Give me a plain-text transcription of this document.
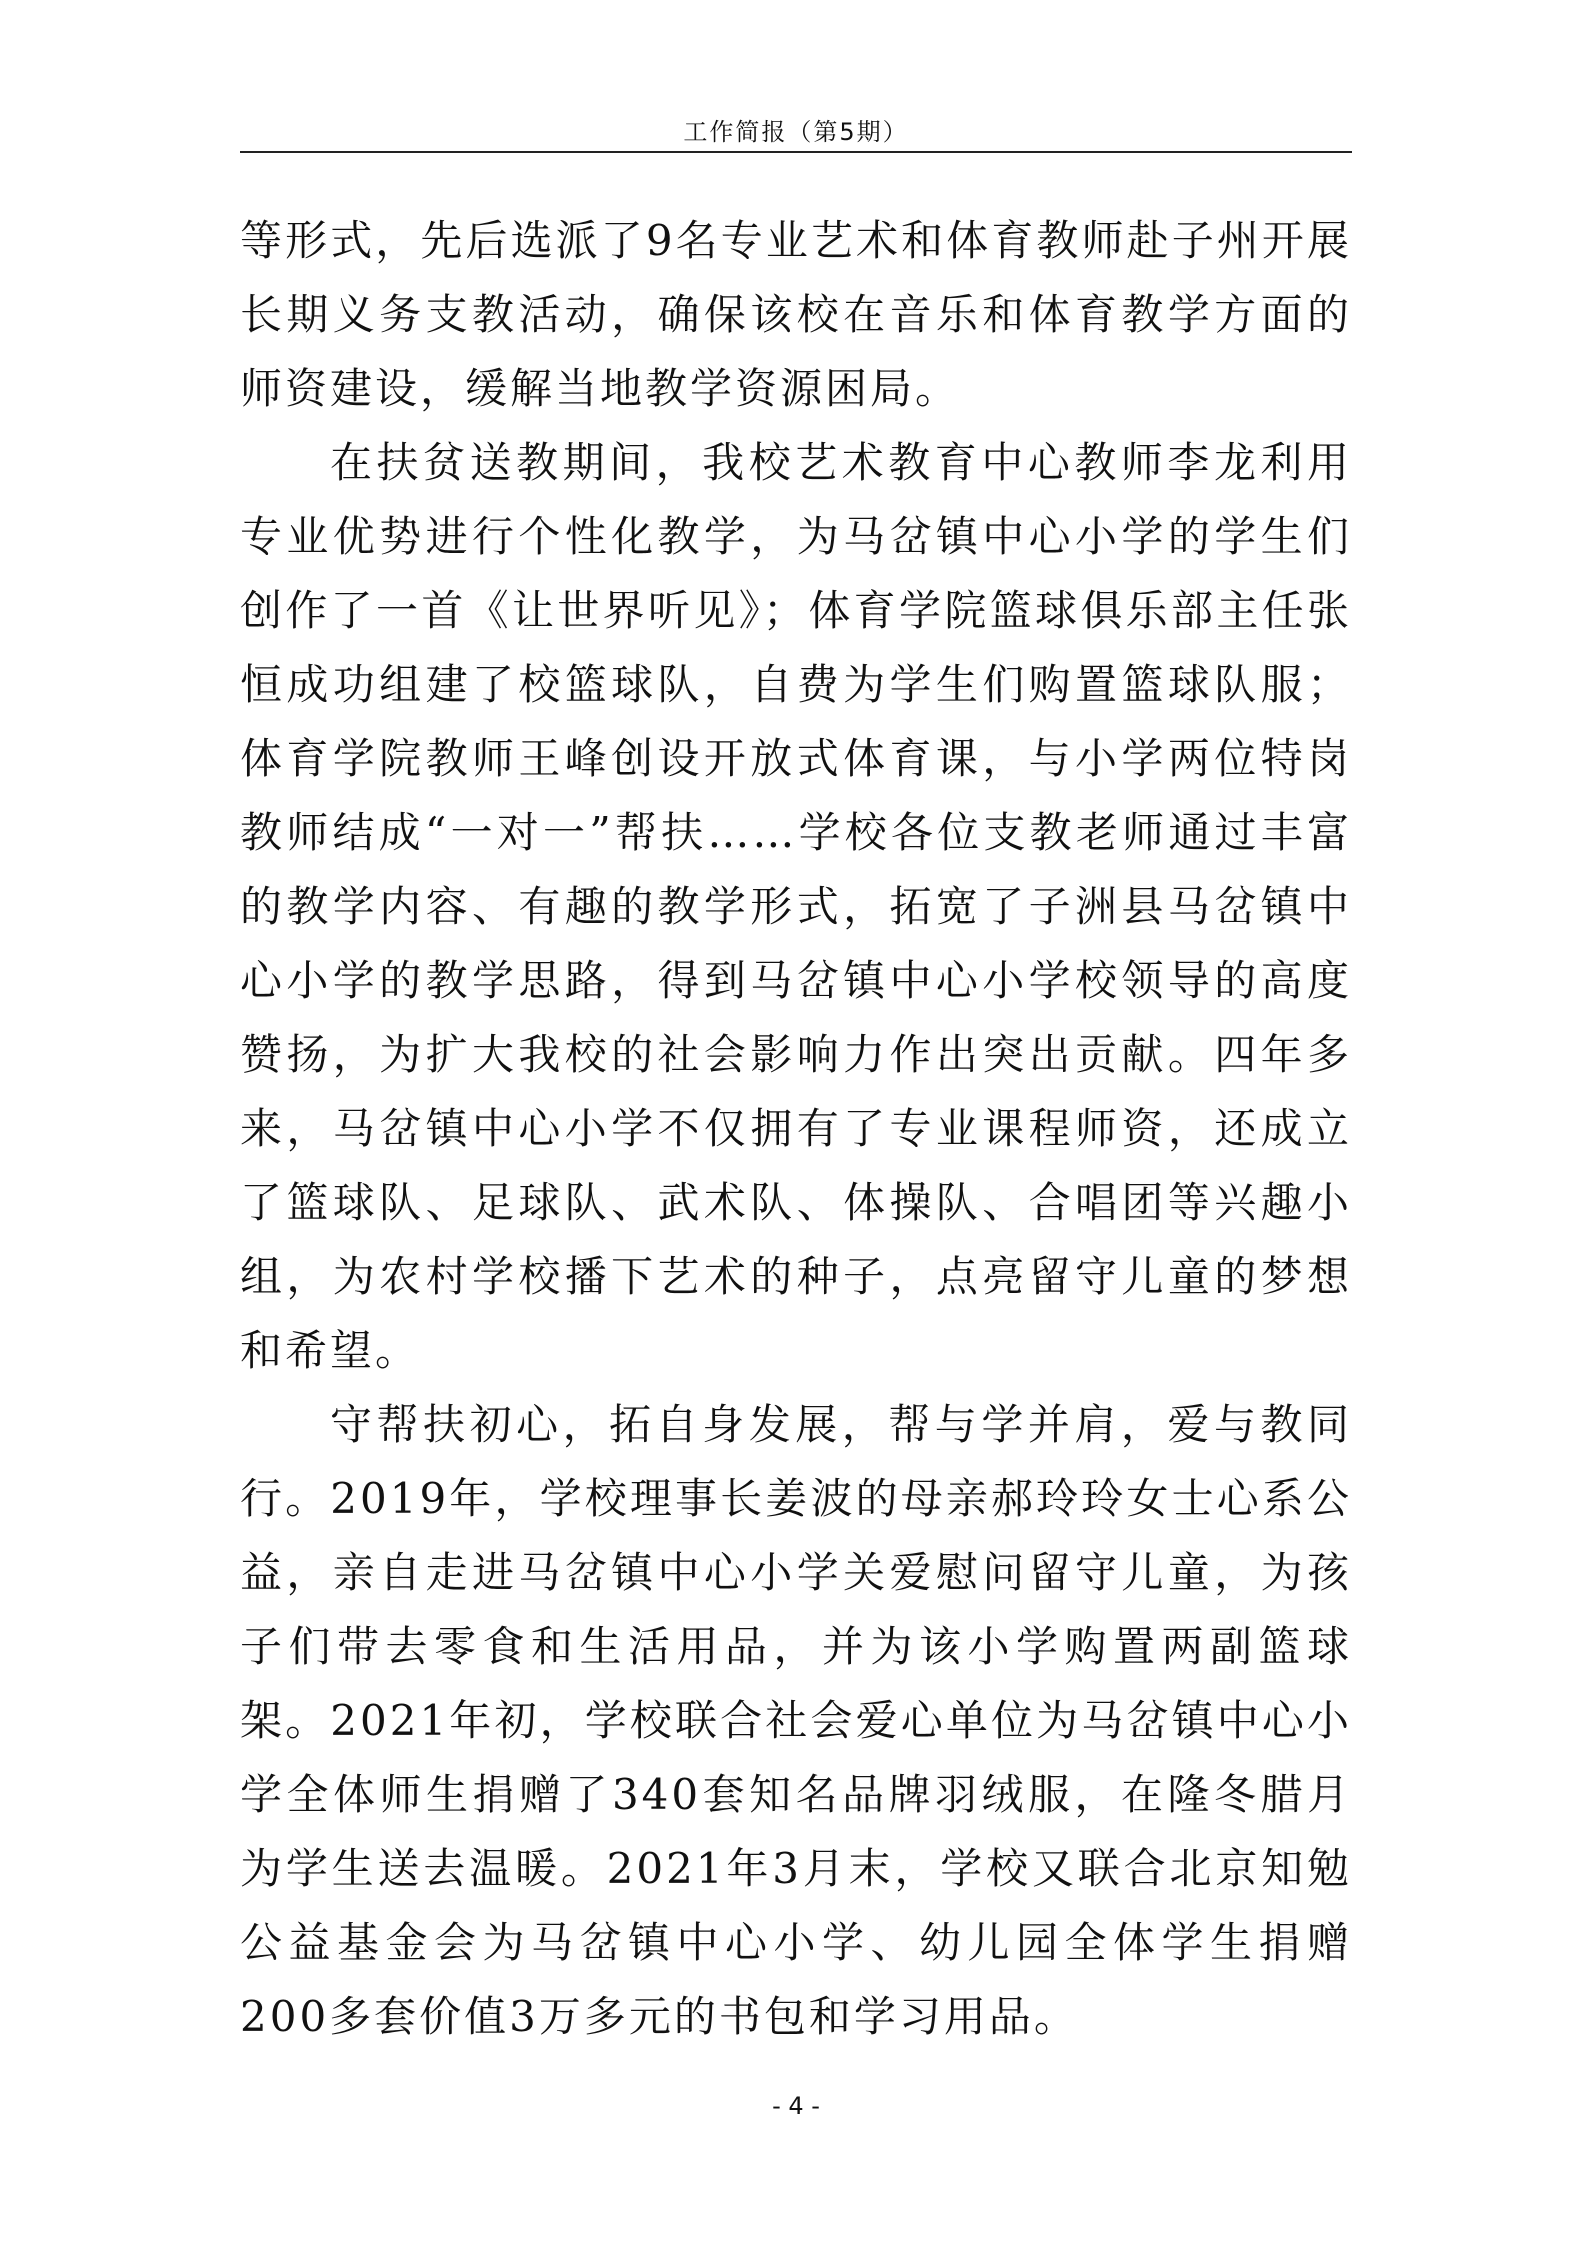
工作简报（第5期）

等形式，先后选派了9名专业艺术和体育教师赴子州开展长期义务支教活动，确保该校在音乐和体育教学方面的师资建设，缓解当地教学资源困局。

在扶贫送教期间，我校艺术教育中心教师李龙利用专业优势进行个性化教学，为马岔镇中心小学的学生们创作了一首《让世界听见》；体育学院篮球俱乐部主任张恒成功组建了校篮球队，自费为学生们购置篮球队服；体育学院教师王峰创设开放式体育课，与小学两位特岗教师结成“一对一”帮扶……学校各位支教老师通过丰富的教学内容、有趣的教学形式，拓宽了子洲县马岔镇中心小学的教学思路，得到马岔镇中心小学校领导的高度赞扬，为扩大我校的社会影响力作出突出贡献。四年多来，马岔镇中心小学不仅拥有了专业课程师资，还成立了篮球队、足球队、武术队、体操队、合唱团等兴趣小组，为农村学校播下艺术的种子，点亮留守儿童的梦想和希望。

守帮扶初心，拓自身发展，帮与学并肩，爱与教同行。2019年，学校理事长姜波的母亲郝玲玲女士心系公益，亲自走进马岔镇中心小学关爱慰问留守儿童，为孩子们带去零食和生活用品，并为该小学购置两副篮球架。2021年初，学校联合社会爱心单位为马岔镇中心小学全体师生捐赠了340套知名品牌羽绒服，在隆冬腊月为学生送去温暖。2021年3月末，学校又联合北京知勉公益基金会为马岔镇中心小学、幼儿园全体学生捐赠200多套价值3万多元的书包和学习用品。

- 4 -
